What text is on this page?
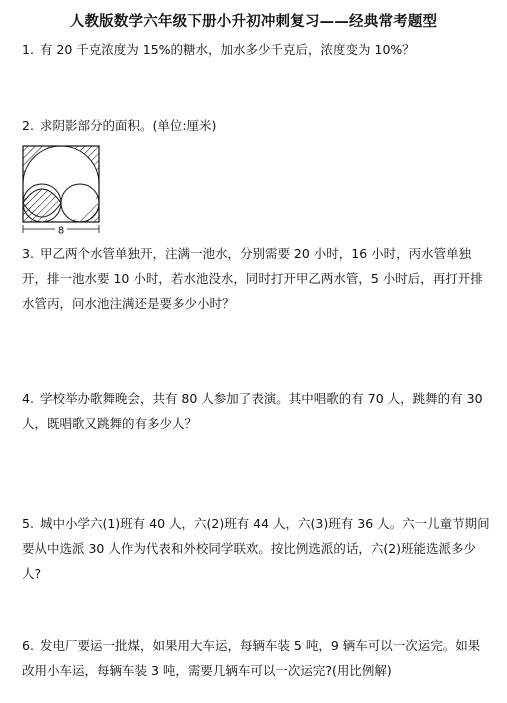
人教版数学六年级下册小升初冲刺复习——经典常考题型
1. 有 20 千克浓度为 15%的糖水，加水多少千克后，浓度变为 10%？
2. 求阴影部分的面积。(单位:厘米)
8
3. 甲乙两个水管单独开，注满一池水，分别需要 20 小时，16 小时，丙水管单独开，排一池水要 10 小时，若水池没水，同时打开甲乙两水管，5 小时后，再打开排水管丙，问水池注满还是要多少小时？
4. 学校举办歌舞晚会，共有 80 人参加了表演。其中唱歌的有 70 人，跳舞的有 30 人，既唱歌又跳舞的有多少人？
5. 城中小学六(1)班有 40 人，六(2)班有 44 人，六(3)班有 36 人。六一儿童节期间要从中选派 30 人作为代表和外校同学联欢。按比例选派的话，六(2)班能选派多少人?
6. 发电厂要运一批煤，如果用大车运，每辆车装 5 吨，9 辆车可以一次运完。如果改用小车运，每辆车装 3 吨，需要几辆车可以一次运完?(用比例解)
